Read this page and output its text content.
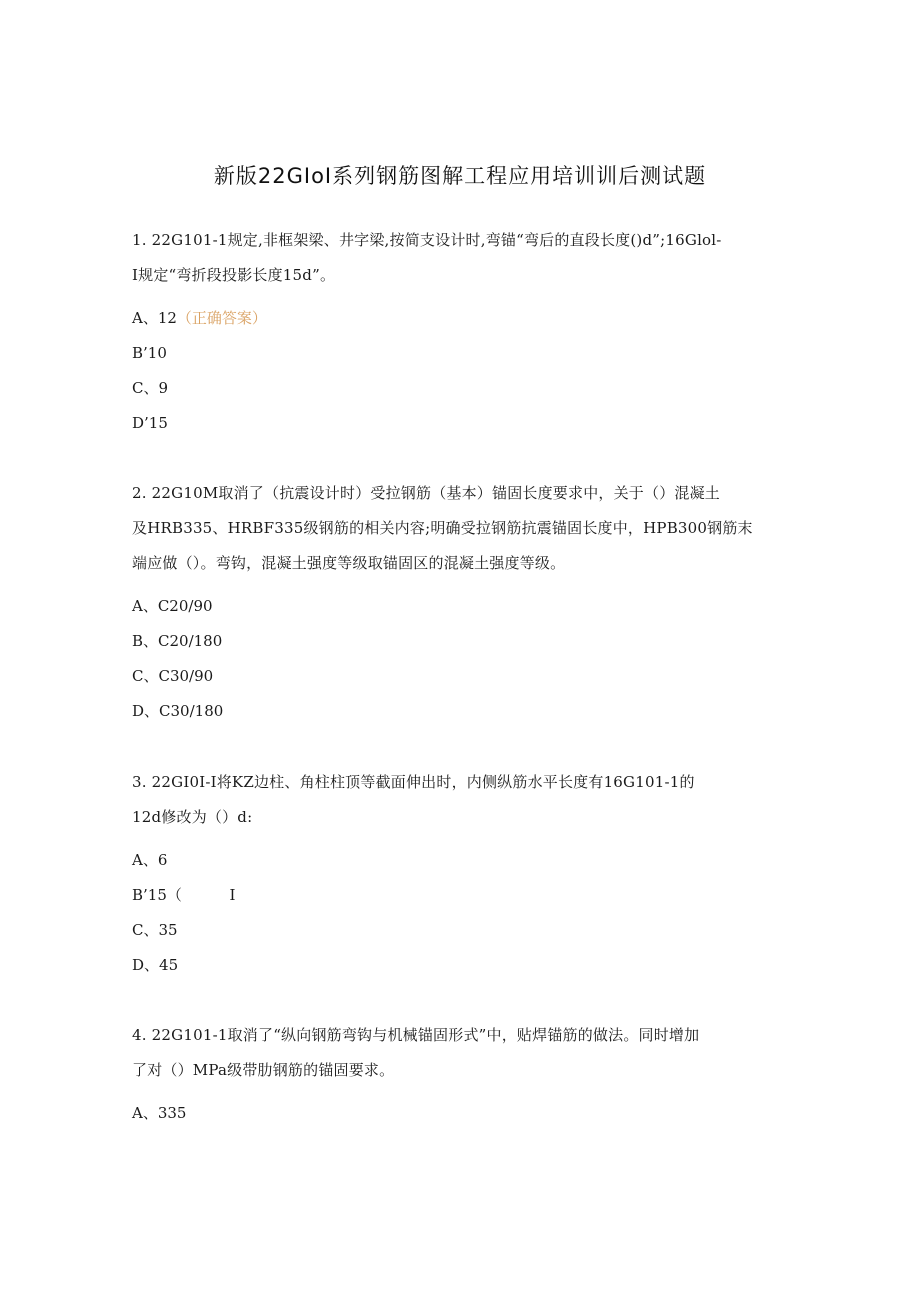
新版22GIoI系列钢筋图解工程应用培训训后测试题

1. 22G101-1规定,非框架梁、井字梁,按简支设计时,弯锚“弯后的直段长度()d”;16Glol-

I规定“弯折段投影长度15d”。

A、12（正确答案）

B’10

C、9

D’15

2. 22G10M取消了（抗震设计时）受拉钢筋（基本）锚固长度要求中，关于（）混凝土

及HRB335、HRBF335级钢筋的相关内容;明确受拉钢筋抗震锚固长度中，HPB300钢筋末

端应做（）。弯钩，混凝土强度等级取锚固区的混凝土强度等级。

A、C20/90

B、C20/180

C、C30/90

D、C30/180

3. 22GI0I-I将KZ边柱、角柱柱顶等截面伸出时，内侧纵筋水平长度有16G101-1的

12d修改为（）d:

A、6

B’15（          I

C、35

D、45

4. 22G101-1取消了“纵向钢筋弯钩与机械锚固形式”中，贴焊锚筋的做法。同时增加

了对（）MPa级带肋钢筋的锚固要求。

A、335
